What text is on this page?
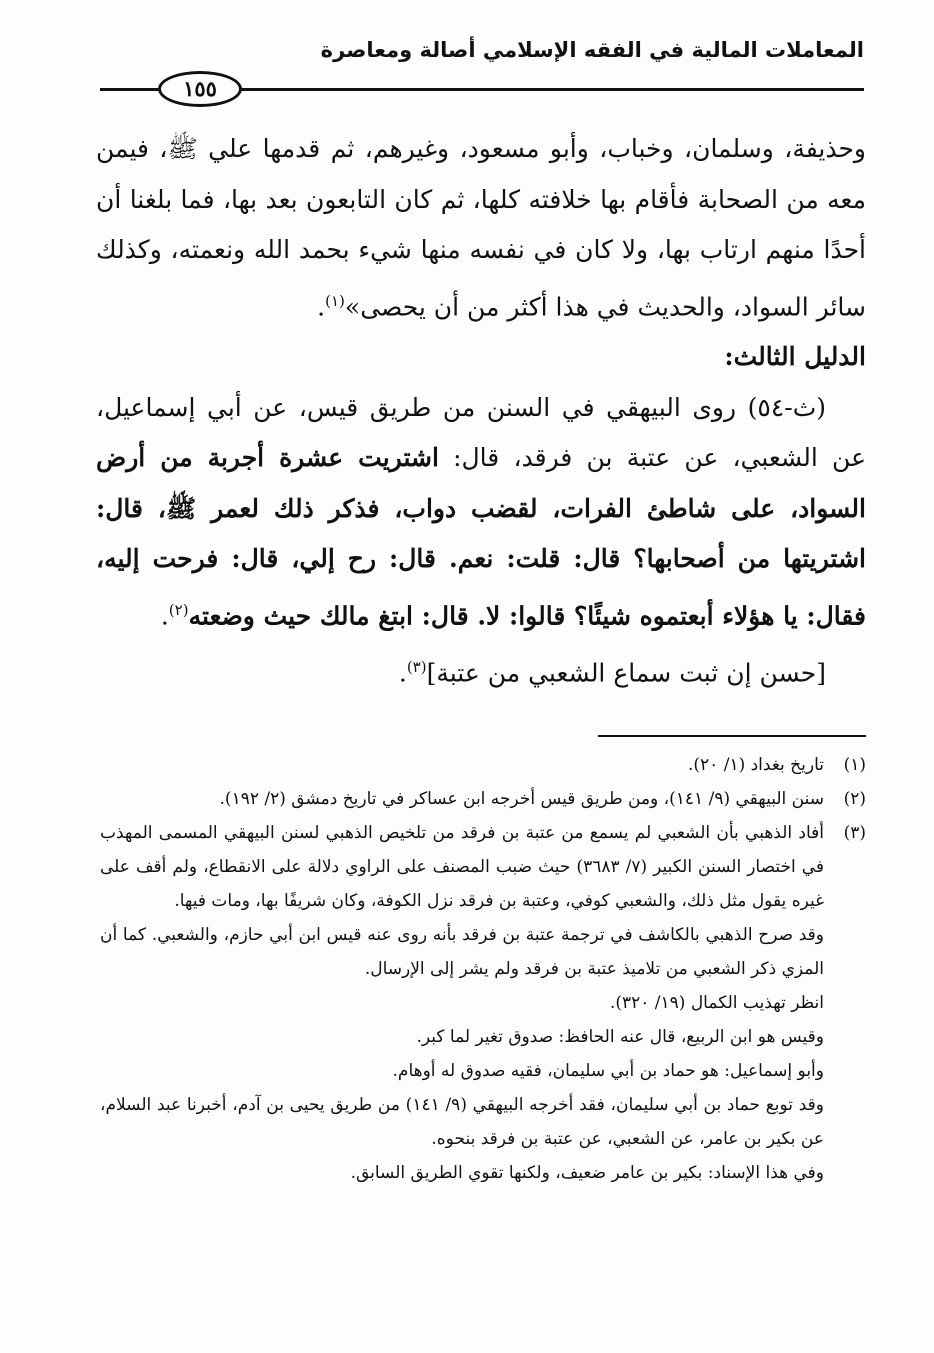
المعاملات المالية في الفقه الإسلامي أصالة ومعاصرة
١٥٥

وحذيفة، وسلمان، وخباب، وأبو مسعود، وغيرهم، ثم قدمها علي ﷺ، فيمن معه من الصحابة فأقام بها خلافته كلها، ثم كان التابعون بعد بها، فما بلغنا أن أحدًا منهم ارتاب بها، ولا كان في نفسه منها شيء بحمد الله ونعمته، وكذلك سائر السواد، والحديث في هذا أكثر من أن يحصى»$^{(١)}$.

الدليل الثالث:

(ث-٥٤) روى البيهقي في السنن من طريق قيس، عن أبي إسماعيل، عن الشعبي، عن عتبة بن فرقد، قال: اشتريت عشرة أجربة من أرض السواد، على شاطئ الفرات، لقضب دواب، فذكر ذلك لعمر ﷺ، قال: اشتريتها من أصحابها؟ قال: قلت: نعم. قال: رح إلي، قال: فرحت إليه، فقال: يا هؤلاء أبعتموه شيئًا؟ قالوا: لا. قال: ابتغ مالك حيث وضعته$^{(٢)}$.

[حسن إن ثبت سماع الشعبي من عتبة]$^{(٣)}$.

(١)
تاريخ بغداد (١/ ٢٠).
(٢)
سنن البيهقي (٩/ ١٤١)، ومن طريق قيس أخرجه ابن عساكر في تاريخ دمشق (٢/ ١٩٢).
(٣)
أفاد الذهبي بأن الشعبي لم يسمع من عتبة بن فرقد من تلخيص الذهبي لسنن البيهقي المسمى المهذب في اختصار السنن الكبير (٧/ ٣٦٨٣) حيث ضبب المصنف على الراوي دلالة على الانقطاع، ولم أقف على غيره يقول مثل ذلك، والشعبي كوفي، وعتبة بن فرقد نزل الكوفة، وكان شريفًا بها، ومات فيها.
وقد صرح الذهبي بالكاشف في ترجمة عتبة بن فرقد بأنه روى عنه قيس ابن أبي حازم، والشعبي. كما أن المزي ذكر الشعبي من تلاميذ عتبة بن فرقد ولم يشر إلى الإرسال.
انظر تهذيب الكمال (١٩/ ٣٢٠).
وقيس هو ابن الربيع، قال عنه الحافظ: صدوق تغير لما كبر.
وأبو إسماعيل: هو حماد بن أبي سليمان، فقيه صدوق له أوهام.
وقد توبع حماد بن أبي سليمان، فقد أخرجه البيهقي (٩/ ١٤١) من طريق يحيى بن آدم، أخبرنا عبد السلام، عن بكير بن عامر، عن الشعبي، عن عتبة بن فرقد بنحوه.
وفي هذا الإسناد: بكير بن عامر ضعيف، ولكنها تقوي الطريق السابق.
